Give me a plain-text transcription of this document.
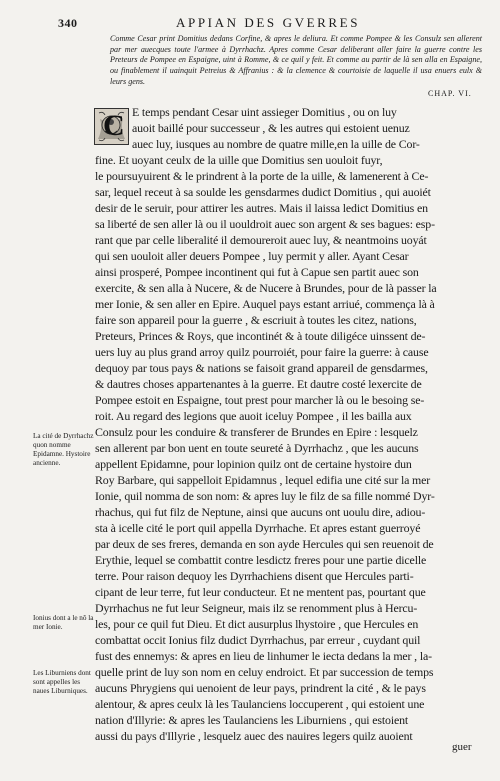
340	APPIAN DES GVERRES
Comme Cesar print Domitius dedans Corfine, & apres le deliura. Et comme Pompee & les Consulz sen allerent par mer auecques toute l'armee à Dyrrhachz. Apres comme Cesar deliberant aller faire la guerre contre les Preteurs de Pompee en Espaigne, uint à Romme, & ce quil y feit. Et comme au partir de là sen alla en Espaigne, ou finablement il uainquit Petreius & Affranius : & la clemence & courtoisie de laquelle il usa enuers eulx & leurs gens.
CHAP. VI.
C E temps pendant Cesar uint assieger Domitius , ou on luy
auoit baillé pour successeur , & les autres qui estoient uenuz
auec luy, iusques au nombre de quatre mille,en la uille de Cor-
fine. Et uoyant ceulx de la uille que Domitius sen uouloit fuyr,
le poursuyuirent & le prindrent à la porte de la uille, & lamenerent à Ce-
sar, lequel receut à sa soulde les gensdarmes dudict Domitius , qui auoiét
desir de le seruir, pour attirer les autres. Mais il laissa ledict Domitius en
sa liberté de sen aller là ou il uouldroit auec son argent & ses bagues: esp-
rant que par celle liberalité il demoureroit auec luy, & neantmoins uoyát
qui sen uouloit aller deuers Pompee , luy permit y aller. Ayant Cesar
ainsi prosperé, Pompee incontinent qui fut à Capue sen partit auec son
exercite, & sen alla à Nucere, & de Nucere à Brundes, pour de là passer la
mer Ionie, & sen aller en Epire. Auquel pays estant arriué, commença là à
faire son appareil pour la guerre , & escriuit à toutes les citez, nations,
Preteurs, Princes & Roys, que incontinét & à toute diligéce uinssent de-
uers luy au plus grand arroy quilz pourroiét, pour faire la guerre: à cause
dequoy par tous pays & nations se faisoit grand appareil de gensdarmes,
& dautres choses appartenantes à la guerre. Et dautre costé lexercite de
Pompee estoit en Espaigne, tout prest pour marcher là ou le besoing se-
roit. Au regard des legions que auoit iceluy Pompee , il les bailla aux
Consulz pour les conduire & transferer de Brundes en Epire : lesquelz
sen allerent par bon uent en toute seureté à Dyrrhachz , que les aucuns
appellent Epidamne, pour lopinion quilz ont de certaine hystoire dun
Roy Barbare, qui sappelloit Epidamnus , lequel edifia une cité sur la mer
Ionie, quil nomma de son nom: & apres luy le filz de sa fille nommé Dyr-
rhachus, qui fut filz de Neptune, ainsi que aucuns ont uoulu dire, adiou-
sta à icelle cité le port quil appella Dyrrhache. Et apres estant guerroyé
par deux de ses freres, demanda en son ayde Hercules qui sen reuenoit de
Erythie, lequel se combattit contre lesdictz freres pour une partie dicelle
terre. Pour raison dequoy les Dyrrhachiens disent que Hercules parti-
cipant de leur terre, fut leur conducteur. Et ne mentent pas, pourtant que
Dyrrhachus ne fut leur Seigneur, mais ilz se renomment plus à Hercu-
les, pour ce quil fut Dieu. Et dict ausurplus lhystoire , que Hercules en
combattat occit Ionius filz dudict Dyrrhachus, par erreur , cuydant quil
fust des ennemys: & apres en lieu de linhumer le iecta dedans la mer , la-
quelle print de luy son nom en celuy endroict. Et par succession de temps
aucuns Phrygiens qui uenoient de leur pays, prindrent la cité , & le pays
alentour, & apres ceulx là les Taulanciens loccuperent , qui estoient une
nation d'Illyrie: & apres les Taulanciens les Liburniens , qui estoient
aussi du pays d'Illyrie , lesquelz auec des nauires legers quilz auoient
La cité de Dyrrhachz quon nomme Epidamne. Hystoire ancienne.
Ionius dont a le nõ la mer Ionie.
Les Liburniens dont sont appelles les naues Liburniques.
guer
